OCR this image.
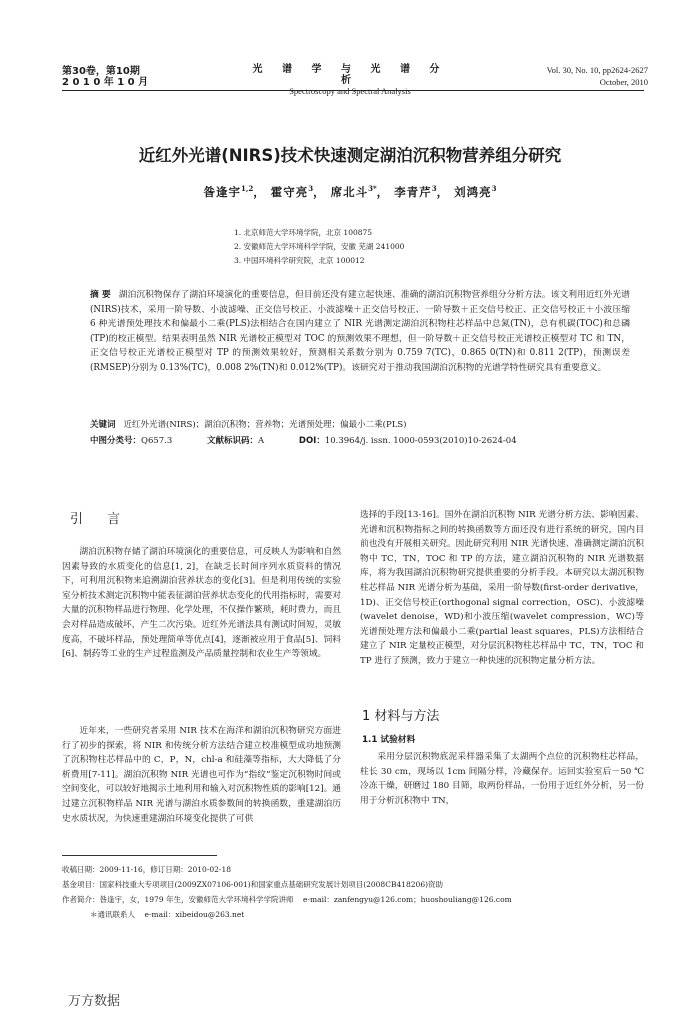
第30卷，第10期
2 0 1 0 年 1 0 月
光 谱 学 与 光 谱 分 析
Spectroscopy and Spectral Analysis
Vol. 30, No. 10, pp2624-2627
October, 2010
近红外光谱(NIRS)技术快速测定湖泊沉积物营养组分研究
昝逢宇$^{1,2}$， 霍守亮$^3$， 席北斗$^{3*}$， 李青芹$^3$， 刘鸿亮$^3$
1. 北京师范大学环境学院，北京 100875
2. 安徽师范大学环境科学学院，安徽 芜湖 241000
3. 中国环境科学研究院，北京 100012
摘 要 湖泊沉积物保存了湖泊环境演化的重要信息，但目前还没有建立起快速、准确的湖泊沉积物营养组分分析方法。该文利用近红外光谱(NIRS)技术，采用一阶导数、小波滤噪、正交信号校正、小波滤噪＋正交信号校正、一阶导数＋正交信号校正、正交信号校正＋小波压缩 6 种光谱预处理技术和偏最小二乘(PLS)法相结合在国内建立了 NIR 光谱测定湖泊沉积物柱芯样品中总氮(TN)，总有机碳(TOC)和总磷(TP)的校正模型。结果表明虽然 NIR 光谱校正模型对 TOC 的预测效果不理想，但一阶导数＋正交信号校正光谱校正模型对 TC 和 TN，正交信号校正光谱校正模型对 TP 的预测效果较好，预测相关系数分别为 0.759 7(TC)，0.865 0(TN)和 0.811 2(TP)，预测误差(RMSEP)分别为 0.13%(TC)，0.008 2%(TN)和 0.012%(TP)。该研究对于推动我国湖泊沉积物的光谱学特性研究具有重要意义。
关键词 近红外光谱(NIRS)；湖泊沉积物；营养物；光谱预处理；偏最小二乘(PLS)
中图分类号：Q657.3	文献标识码：A	DOI：10.3964/j. issn. 1000-0593(2010)10-2624-04
引 言

湖泊沉积物存储了湖泊环境演化的重要信息，可反映人为影响和自然因素导致的水质变化的信息[1, 2]，在缺乏长时间序列水质资料的情况下，可利用沉积物来追溯湖泊营养状态的变化[3]。但是利用传统的实验室分析技术测定沉积物中能表征湖泊营养状态变化的代用指标时，需要对大量的沉积物样品进行物理、化学处理，不仅操作繁琐，耗时费力，而且会对样品造成破坏，产生二次污染。近红外光谱法具有测试时间短，灵敏度高，不破坏样品，预处理简单等优点[4]，逐渐被应用于食品[5]、饲料[6]、制药等工业的生产过程监测及产品质量控制和农业生产等领域。

近年来，一些研究者采用 NIR 技术在海洋和湖泊沉积物研究方面进行了初步的探索，将 NIR 和传统分析方法结合建立校准模型成功地预测了沉积物柱芯样品中的 C，P，N，chl-a 和硅藻等指标，大大降低了分析费用[7-11]。湖泊沉积物 NIR 光谱也可作为“指纹”鉴定沉积物时间或空间变化，可以较好地揭示土地利用和输入对沉积物性质的影响[12]。通过建立沉积物样品 NIR 光谱与湖泊水质参数间的转换函数，重建湖泊历史水质状况，为快速重建湖泊环境变化提供了可供

选择的手段[13-16]。国外在湖泊沉积物 NIR 光谱分析方法、影响因素、光谱和沉积物指标之间的转换函数等方面还没有进行系统的研究，国内目前也没有开展相关研究。因此研究利用 NIR 光谱快速、准确测定湖泊沉积物中 TC，TN，TOC 和 TP 的方法，建立湖泊沉积物的 NIR 光谱数据库，将为我国湖泊沉积物研究提供重要的分析手段。本研究以太湖沉积物柱芯样品 NIR 光谱分析为基础，采用一阶导数(first-order derivative，1D)、正交信号校正(orthogonal signal correction，OSC)、小波滤噪(wavelet denoise，WD)和小波压缩(wavelet compression，WC)等光谱预处理方法和偏最小二乘(partial least squares，PLS)方法相结合建立了 NIR 定量校正模型，对分层沉积物柱芯样品中 TC，TN，TOC 和 TP 进行了预测，致力于建立一种快速的沉积物定量分析方法。

1 材料与方法
1.1 试验材料

采用分层沉积物底泥采样器采集了太湖两个点位的沉积物柱芯样品，柱长 30 cm，现场以 1cm 间隔分样，冷藏保存。运回实验室后－50 ℃冷冻干燥，研磨过 180 目筛，取两份样品，一份用于近红外分析，另一份用于分析沉积物中 TN，

收稿日期：2009-11-16，修订日期：2010-02-18
基金项目：国家科技重大专项项目(2009ZX07106-001)和国家重点基础研究发展计划项目(2008CB418206)资助
作者简介：昝逢宇，女，1979 年生，安徽师范大学环境科学学院讲师 e-mail：zanfengyu@126.com；huoshouliang@126.com
＊通讯联系人 e-mail：xibeidou@263.net
万方数据
